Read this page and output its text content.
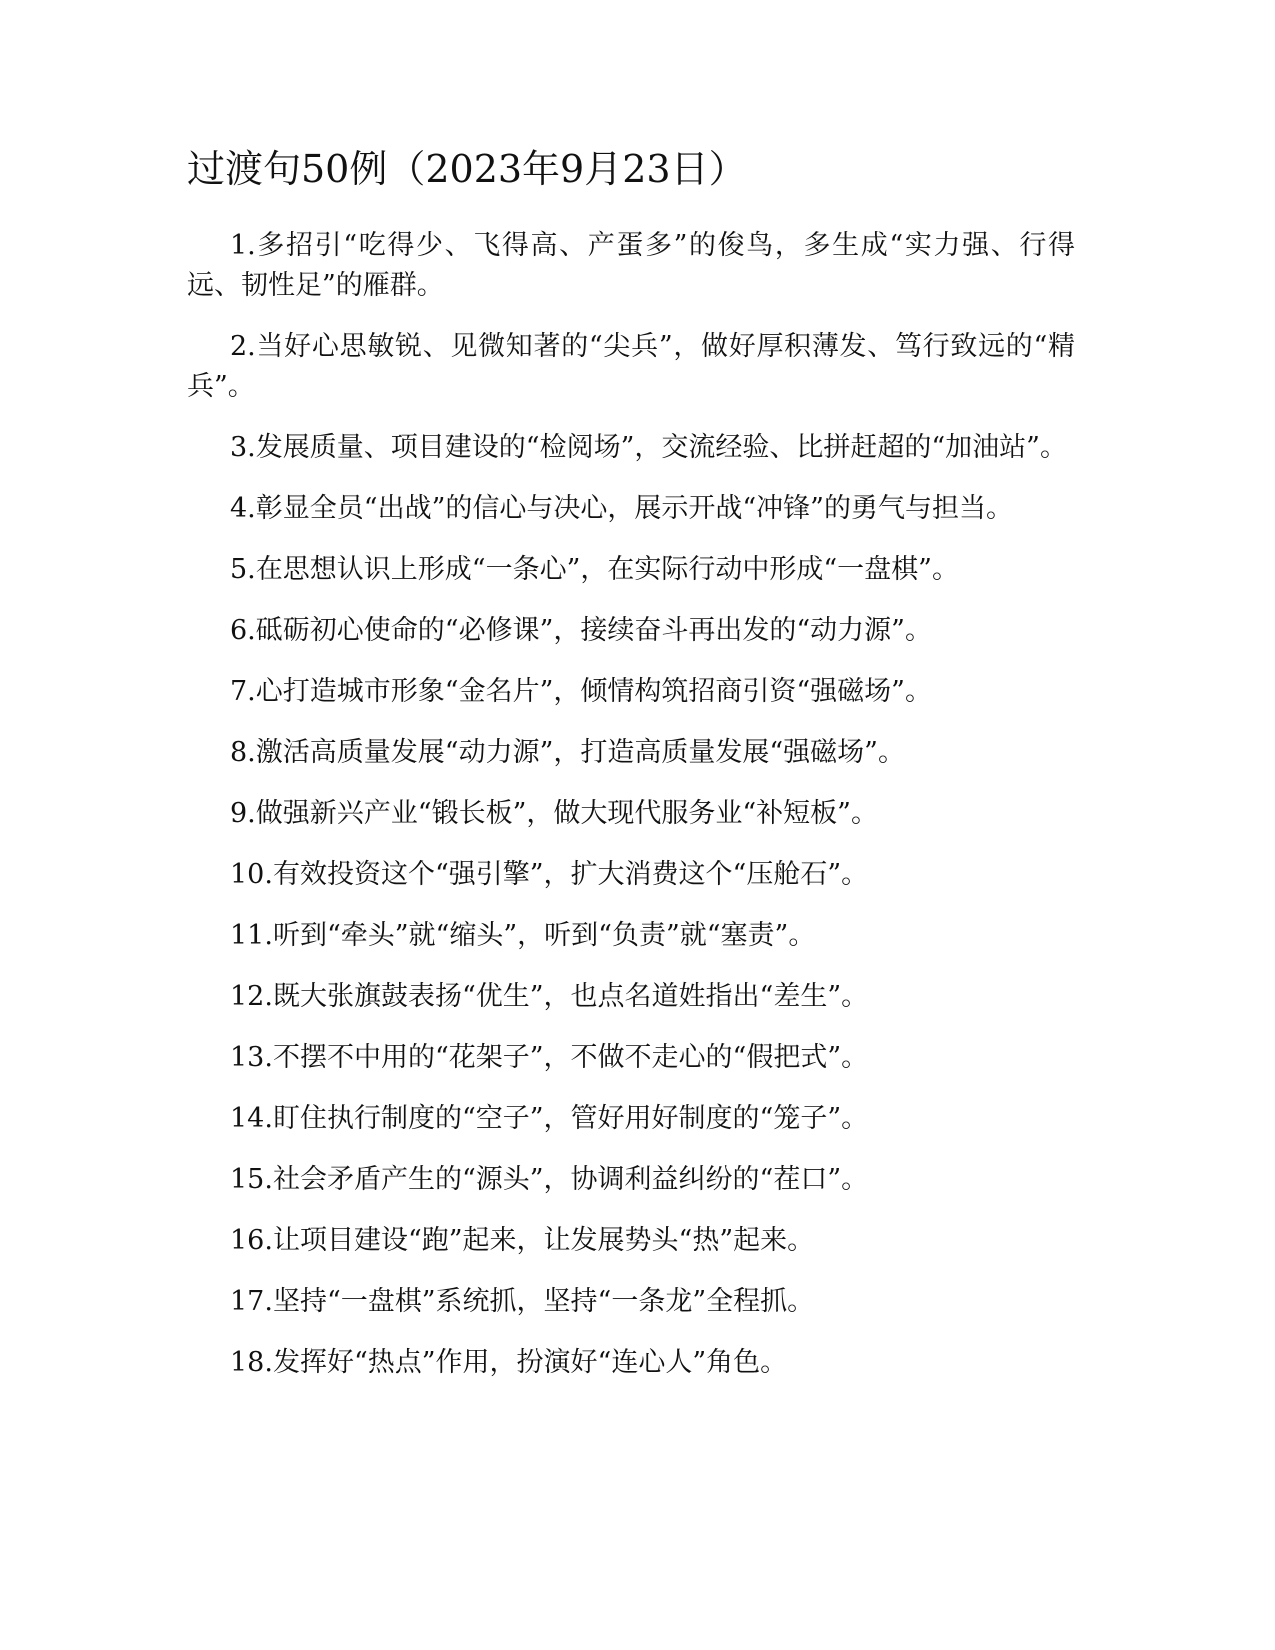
过渡句50例（2023年9月23日）
1.多招引“吃得少、飞得高、产蛋多”的俊鸟，多生成“实力强、行得远、韧性足”的雁群。
2.当好心思敏锐、见微知著的“尖兵”，做好厚积薄发、笃行致远的“精兵”。
3.发展质量、项目建设的“检阅场”，交流经验、比拼赶超的“加油站”。
4.彰显全员“出战”的信心与决心，展示开战“冲锋”的勇气与担当。
5.在思想认识上形成“一条心”，在实际行动中形成“一盘棋”。
6.砥砺初心使命的“必修课”，接续奋斗再出发的“动力源”。
7.心打造城市形象“金名片”，倾情构筑招商引资“强磁场”。
8.激活高质量发展“动力源”，打造高质量发展“强磁场”。
9.做强新兴产业“锻长板”，做大现代服务业“补短板”。
10.有效投资这个“强引擎”，扩大消费这个“压舱石”。
11.听到“牵头”就“缩头”，听到“负责”就“塞责”。
12.既大张旗鼓表扬“优生”，也点名道姓指出“差生”。
13.不摆不中用的“花架子”，不做不走心的“假把式”。
14.盯住执行制度的“空子”，管好用好制度的“笼子”。
15.社会矛盾产生的“源头”，协调利益纠纷的“茬口”。
16.让项目建设“跑”起来，让发展势头“热”起来。
17.坚持“一盘棋”系统抓，坚持“一条龙”全程抓。
18.发挥好“热点”作用，扮演好“连心人”角色。
